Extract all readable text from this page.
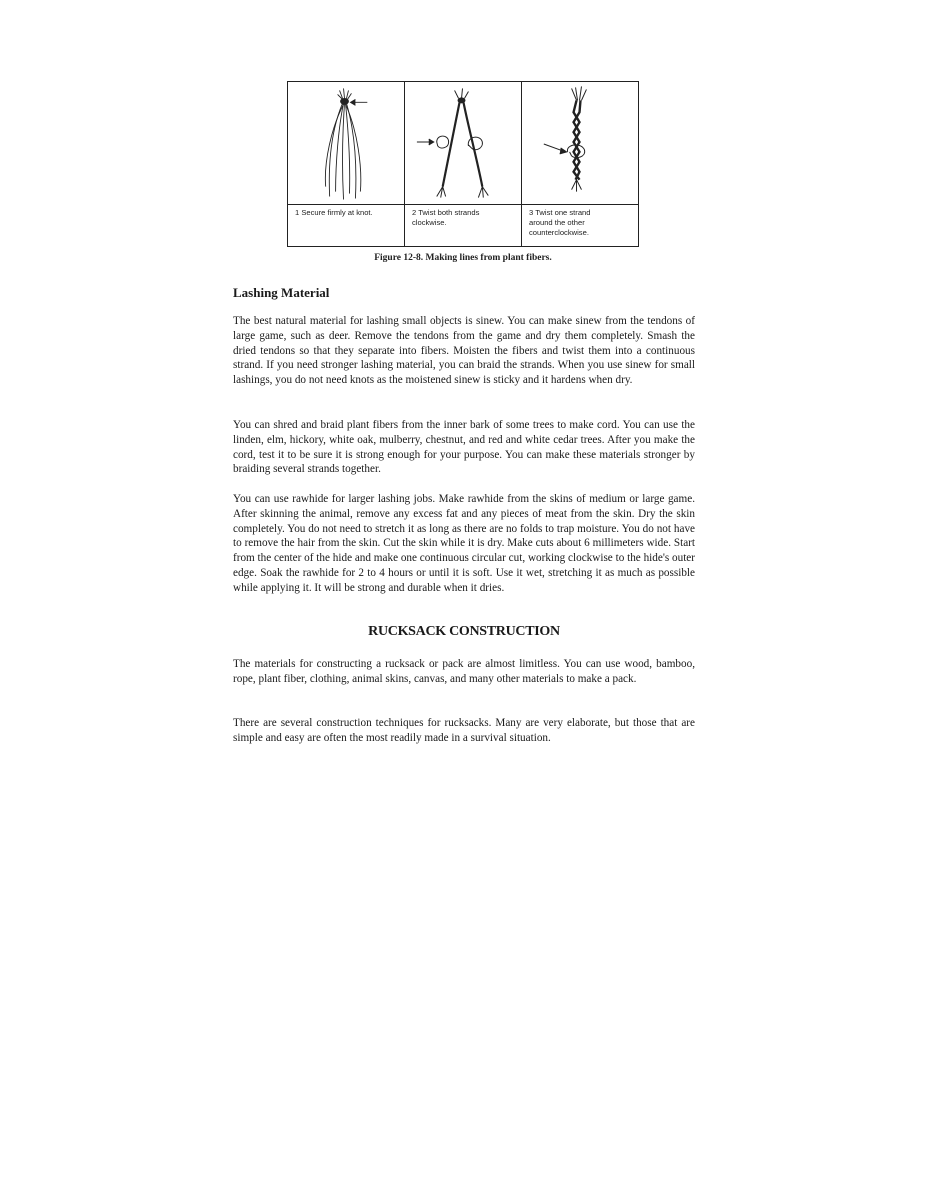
1 Secure firmly at knot.	2 Twist both strands
clockwise.
3 Twist one strand
around the other
counterclockwise.
Figure 12-8. Making lines from plant fibers.
Lashing Material

The best natural material for lashing small objects is sinew. You can make sinew from the tendons of large game, such as deer. Remove the tendons from the game and dry them completely. Smash the dried tendons so that they separate into fibers. Moisten the fibers and twist them into a continuous strand. If you need stronger lashing material, you can braid the strands. When you use sinew for small lashings, you do not need knots as the moistened sinew is sticky and it hardens when dry.

You can shred and braid plant fibers from the inner bark of some trees to make cord. You can use the linden, elm, hickory, white oak, mulberry, chestnut, and red and white cedar trees. After you make the cord, test it to be sure it is strong enough for your purpose. You can make these materials stronger by braiding several strands together.

You can use rawhide for larger lashing jobs. Make rawhide from the skins of medium or large game. After skinning the animal, remove any excess fat and any pieces of meat from the skin. Dry the skin completely. You do not need to stretch it as long as there are no folds to trap moisture. You do not have to remove the hair from the skin. Cut the skin while it is dry. Make cuts about 6 millimeters wide. Start from the center of the hide and make one continuous circular cut, working clockwise to the hide's outer edge. Soak the rawhide for 2 to 4 hours or until it is soft. Use it wet, stretching it as much as possible while applying it. It will be strong and durable when it dries.

RUCKSACK CONSTRUCTION

The materials for constructing a rucksack or pack are almost limitless. You can use wood, bamboo, rope, plant fiber, clothing, animal skins, canvas, and many other materials to make a pack.

There are several construction techniques for rucksacks. Many are very elaborate, but those that are simple and easy are often the most readily made in a survival situation.
